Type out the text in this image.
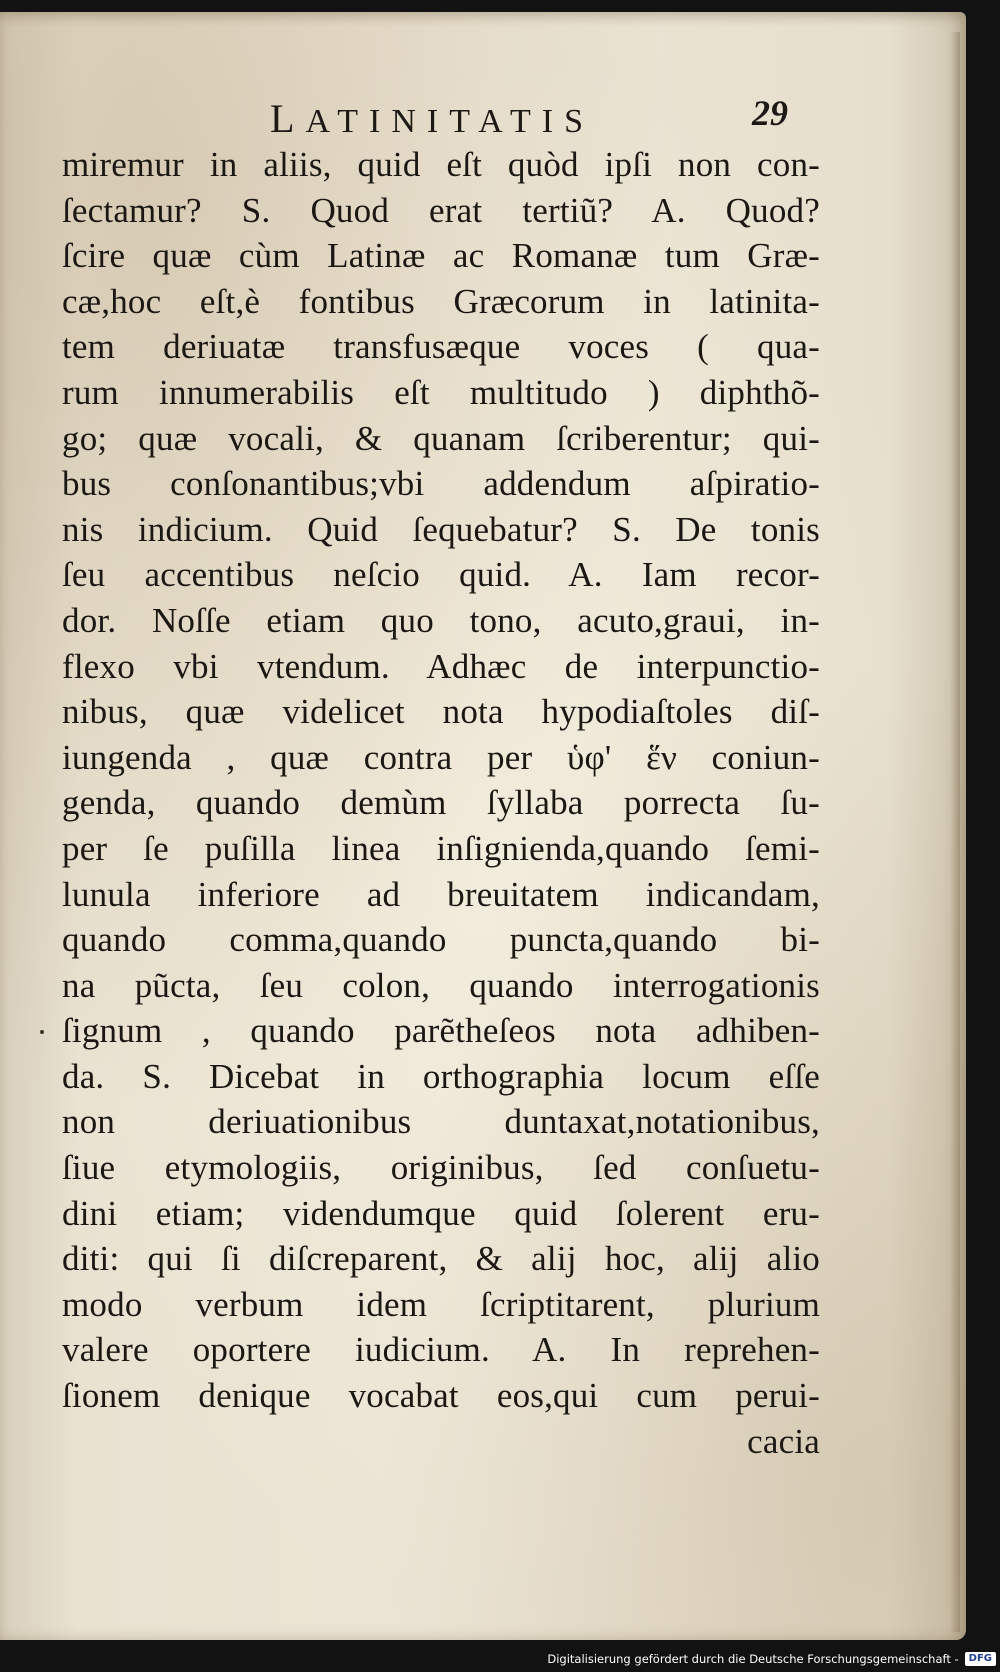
LATINITATIS	29
miremur in aliis, quid eſt quòd ipſi non con-
ſectamur? S. Quod erat tertiũ? A. Quod?
ſcire quæ cùm Latinæ ac Romanæ tum Græ-
cæ,hoc eſt,è fontibus Græcorum in latinita-
tem deriuatæ transfusæque voces ( qua-
rum innumerabilis eſt multitudo ) diphthõ-
go; quæ vocali, & quanam ſcriberentur; qui-
bus conſonantibus;vbi addendum aſpiratio-
nis indicium. Quid ſequebatur? S. De tonis
ſeu accentibus neſcio quid. A. Iam recor-
dor. Noſſe etiam quo tono, acuto,graui, in-
flexo vbi vtendum. Adhæc de interpunctio-
nibus, quæ videlicet nota hypodiaſtoles diſ-
iungenda , quæ contra per ὑφ' ἕν coniun-
genda, quando demùm ſyllaba porrecta ſu-
per ſe puſilla linea inſignienda,quando ſemi-
lunula inferiore ad breuitatem indicandam,
quando comma,quando puncta,quando bi-
na pũcta, ſeu colon, quando interrogationis
ſignum , quando parẽtheſeos nota adhiben-
da. S. Dicebat in orthographia locum eſſe
non deriuationibus duntaxat,notationibus,
ſiue etymologiis, originibus, ſed conſuetu-
dini etiam; videndumque quid ſolerent eru-
diti: qui ſi diſcreparent, & alij hoc, alij alio
modo verbum idem ſcriptitarent, plurium
valere oportere iudicium. A. In reprehen-
ſionem denique vocabat eos,qui cum perui-
cacia
Digitalisierung gefördert durch die Deutsche Forschungsgemeinschaft -	DFG
